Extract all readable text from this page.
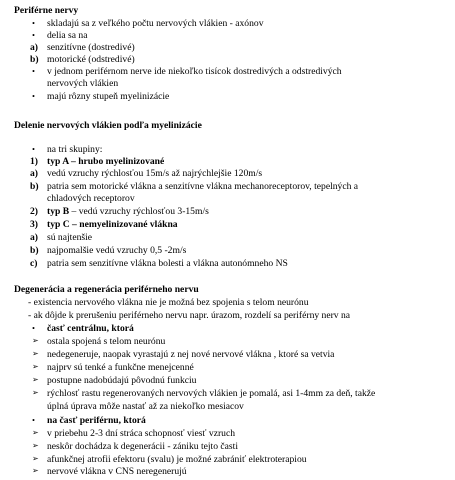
Periférne nervy
• skladajú sa z veľkého počtu nervových vlákien - axónov
• delia sa na
a) senzitívne (dostredivé)
b) motorické (odstredivé)
• v jednom periférnom nerve ide niekoľko tisícok dostredivých a odstredivých
nervových vlákien
• majú rôzny stupeň myelinizácie
Delenie nervových vlákien podľa myelinizácie
• na tri skupiny:
1) typ A – hrubo myelinizované
a) vedú vzruchy rýchlosťou 15m/s až najrýchlejšie 120m/s
b) patria sem motorické vlákna a senzitívne vlákna mechanoreceptorov, tepelných a
chladových receptorov
2) typ B – vedú vzruchy rýchlosťou 3-15m/s
3) typ C – nemyelinizované vlákna
a) sú najtenšie
b) najpomalšie vedú vzruchy 0,5 -2m/s
c) patria sem senzitívne vlákna bolesti a vlákna autonómneho NS
Degenerácia a regenerácia periférneho nervu
- existencia nervového vlákna nie je možná bez spojenia s telom neurónu
- ak dôjde k prerušeniu periférneho nervu napr. úrazom, rozdelí sa periférny nerv na
• časť centrálnu, ktorá
➢ ostala spojená s telom neurónu
➢ nedegeneruje, naopak vyrastajú z nej nové nervové vlákna , ktoré sa vetvia
➢ najprv sú tenké a funkčne menejcenné
➢ postupne nadobúdajú pôvodnú funkciu
➢ rýchlosť rastu regenerovaných nervových vlákien je pomalá, asi 1-4mm za deň, takže
úplná úprava môže nastať až za niekoľko mesiacov
• na časť periférnu, ktorá
➢ v priebehu 2-3 dní stráca schopnosť viesť vzruch
➢ neskôr dochádza k degenerácii - zániku tejto časti
➢ afunkčnej atrofii efektoru (svalu) je možné zabrániť elektroterapiou
➢ nervové vlákna v CNS neregenerujú
